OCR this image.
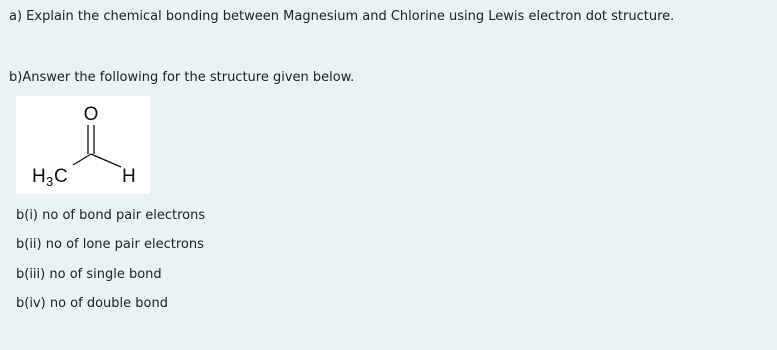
a) Explain the chemical bonding between Magnesium and Chlorine using Lewis electron dot structure.
b)Answer the following for the structure given below.
O
H 3 C	H
b(i) no of bond pair electrons
b(ii) no of lone pair electrons
b(iii) no of single bond
b(iv) no of double bond
